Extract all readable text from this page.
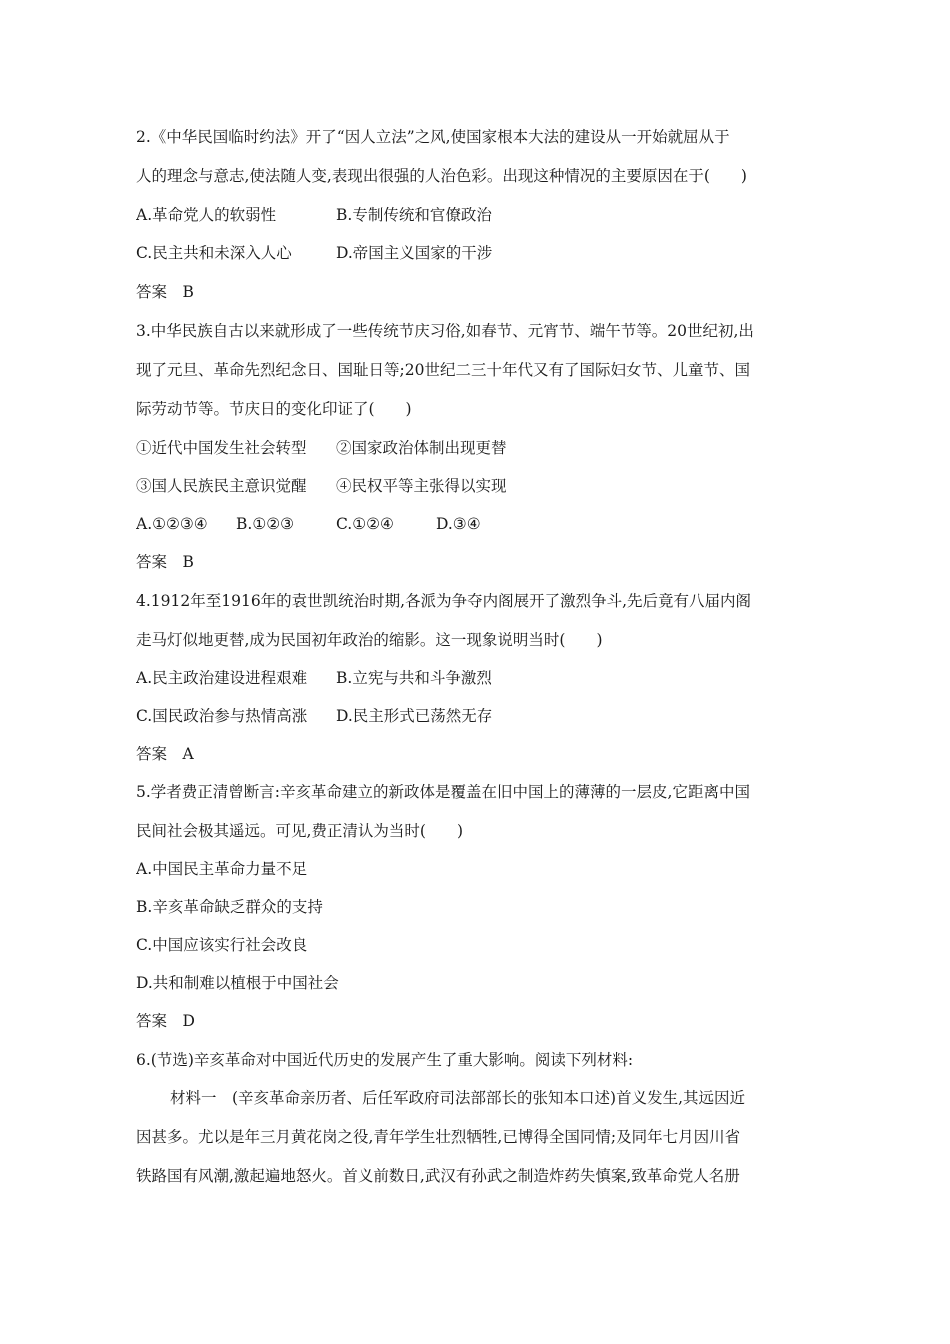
2.《中华民国临时约法》开了“因人立法”之风,使国家根本大法的建设从一开始就屈从于
人的理念与意志,使法随人变,表现出很强的人治色彩。出现这种情况的主要原因在于(　　)
A.革命党人的软弱性	B.专制传统和官僚政治
C.民主共和未深入人心	D.帝国主义国家的干涉
答案　B
3.中华民族自古以来就形成了一些传统节庆习俗,如春节、元宵节、端午节等。20世纪初,出
现了元旦、革命先烈纪念日、国耻日等;20世纪二三十年代又有了国际妇女节、儿童节、国
际劳动节等。节庆日的变化印证了(　　)
①近代中国发生社会转型 ②国家政治体制出现更替
③国人民族民主意识觉醒 ④民权平等主张得以实现
A.①②③④ B.①②③	C.①②④	D.③④
答案　B
4.1912年至1916年的袁世凯统治时期,各派为争夺内阁展开了激烈争斗,先后竟有八届内阁
走马灯似地更替,成为民国初年政治的缩影。这一现象说明当时(　　)
A.民主政治建设进程艰难 B.立宪与共和斗争激烈
C.国民政治参与热情高涨 D.民主形式已荡然无存
答案　A
5.学者费正清曾断言:辛亥革命建立的新政体是覆盖在旧中国上的薄薄的一层皮,它距离中国
民间社会极其遥远。可见,费正清认为当时(　　)
A.中国民主革命力量不足
B.辛亥革命缺乏群众的支持
C.中国应该实行社会改良
D.共和制难以植根于中国社会
答案　D
6.(节选)辛亥革命对中国近代历史的发展产生了重大影响。阅读下列材料:
材料一　(辛亥革命亲历者、后任军政府司法部部长的张知本口述)首义发生,其远因近
因甚多。尤以是年三月黄花岗之役,青年学生壮烈牺牲,已博得全国同情;及同年七月因川省
铁路国有风潮,激起遍地怒火。首义前数日,武汉有孙武之制造炸药失慎案,致革命党人名册
